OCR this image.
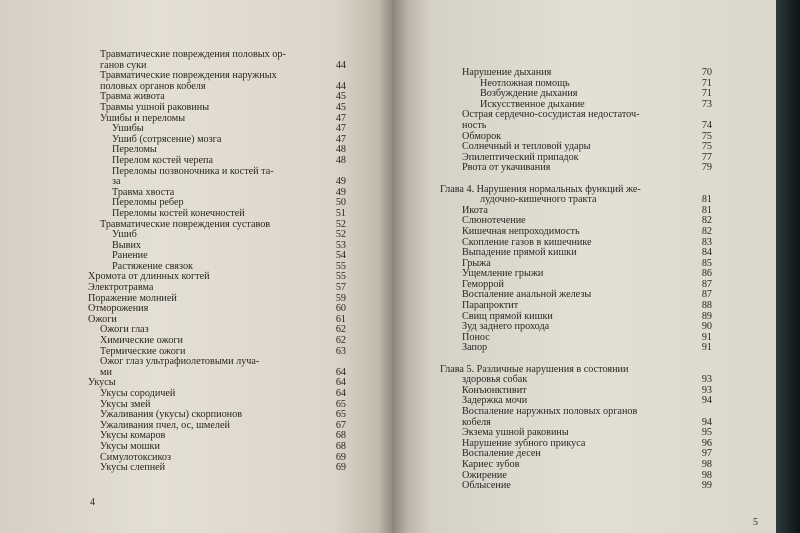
Травматические повреждения половых ор-
ганов суки	44
Травматические повреждения наружных
половых органов кобеля	44
Травма живота	45
Травмы ушной раковины	45
Ушибы и переломы	47
Ушибы	47
Ушиб (сотрясение) мозга	47
Переломы	48
Перелом костей черепа	48
Переломы позвоночника и костей та-
за	49
Травма хвоста	49
Переломы ребер	50
Переломы костей конечностей	51
Травматические повреждения суставов	52
Ушиб	52
Вывих	53
Ранение	54
Растяжение связок	55
Хромота от длинных когтей	55
Электротравма	57
Поражение молнией	59
Отморожения	60
Ожоги	61
Ожоги глаз	62
Химические ожоги	62
Термические ожоги	63
Ожог глаз ультрафиолетовыми луча-
ми	64
Укусы	64
Укусы сородичей	64
Укусы змей	65
Ужаливания (укусы) скорпионов	65
Ужаливания пчел, ос, шмелей	67
Укусы комаров	68
Укусы мошки	68
Симулотоксикоз	69
Укусы слепней	69
4
5
Нарушение дыхания	70
Неотложная помощь	71
Возбуждение дыхания	71
Искусственное дыхание	73
Острая сердечно-сосудистая недостаточ-
ность	74
Обморок	75
Солнечный и тепловой удары	75
Эпилептический припадок	77
Рвота от укачивания	79
Глава 4. Нарушения нормальных функций же-
лудочно-кишечного тракта	81
Икота	81
Слюнотечение	82
Кишечная непроходимость	82
Скопление газов в кишечнике	83
Выпадение прямой кишки	84
Грыжа	85
Ущемление грыжи	86
Геморрой	87
Воспаление анальной железы	87
Парапроктит	88
Свищ прямой кишки	89
Зуд заднего прохода	90
Понос	91
Запор	91
Глава 5. Различные нарушения в состоянии
здоровья собак	93
Конъюнктивит	93
Задержка мочи	94
Воспаление наружных половых органов
кобеля	94
Экзема ушной раковины	95
Нарушение зубного прикуса	96
Воспаление десен	97
Кариес зубов	98
Ожирение	98
Облысение	99
